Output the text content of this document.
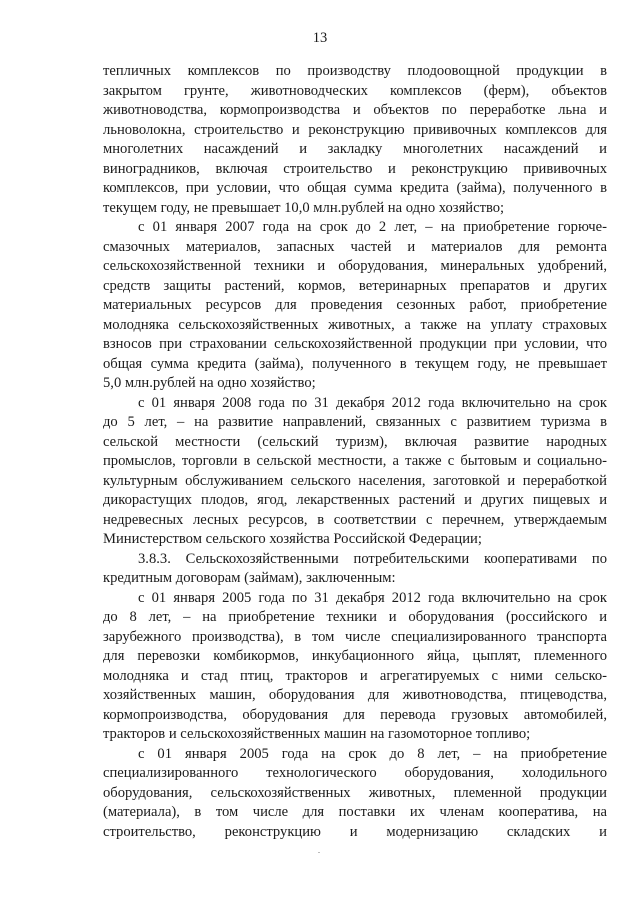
13
тепличных комплексов по производству плодоовощной продукции в
закрытом грунте, животноводческих комплексов (ферм), объектов
животноводства, кормопроизводства и объектов по переработке льна и
льноволокна, строительство и реконструкцию прививочных комплексов для
многолетних насаждений и закладку многолетних насаждений и
виноградников, включая строительство и реконструкцию прививочных
комплексов, при условии, что общая сумма кредита (займа), полученного в
текущем году, не превышает 10,0 млн.рублей на одно хозяйство;
с 01 января 2007 года на срок до 2 лет, – на приобретение горюче-
смазочных материалов, запасных частей и материалов для ремонта
сельскохозяйственной техники и оборудования, минеральных удобрений,
средств защиты растений, кормов, ветеринарных препаратов и других
материальных ресурсов для проведения сезонных работ, приобретение
молодняка сельскохозяйственных животных, а также на уплату страховых
взносов при страховании сельскохозяйственной продукции при условии, что
общая сумма кредита (займа), полученного в текущем году, не превышает
5,0 млн.рублей на одно хозяйство;
с 01 января 2008 года по 31 декабря 2012 года включительно на срок
до 5 лет, – на развитие направлений, связанных с развитием туризма в
сельской местности (сельский туризм), включая развитие народных
промыслов, торговли в сельской местности, а также с бытовым и социально-
культурным обслуживанием сельского населения, заготовкой и переработкой
дикорастущих плодов, ягод, лекарственных растений и других пищевых и
недревесных лесных ресурсов, в соответствии с перечнем, утверждаемым
Министерством сельского хозяйства Российской Федерации;
3.8.3. Сельскохозяйственными потребительскими кооперативами по
кредитным договорам (займам), заключенным:
с 01 января 2005 года по 31 декабря 2012 года включительно на срок
до 8 лет, – на приобретение техники и оборудования (российского и
зарубежного производства), в том числе специализированного транспорта
для перевозки комбикормов, инкубационного яйца, цыплят, племенного
молодняка и стад птиц, тракторов и агрегатируемых с ними сельско-
хозяйственных машин, оборудования для животноводства, птицеводства,
кормопроизводства, оборудования для перевода грузовых автомобилей,
тракторов и сельскохозяйственных машин на газомоторное топливо;
с 01 января 2005 года на срок до 8 лет, – на приобретение
специализированного технологического оборудования, холодильного
оборудования, сельскохозяйственных животных, племенной продукции
(материала), в том числе для поставки их членам кооператива, на
строительство, реконструкцию и модернизацию складских и
